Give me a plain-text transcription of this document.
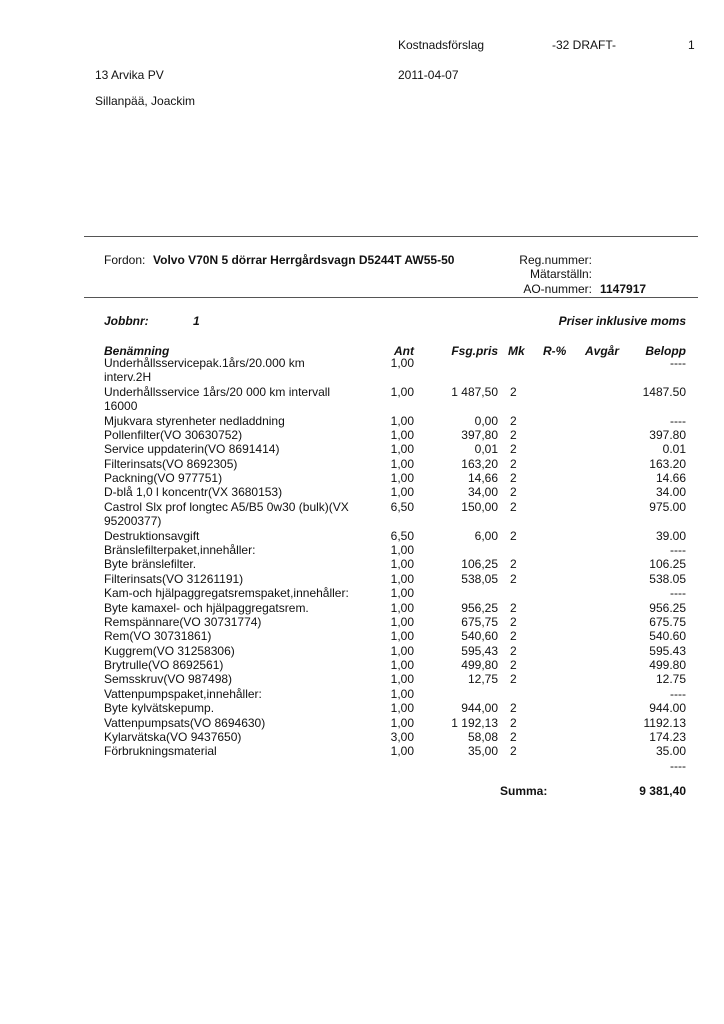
Kostnadsförslag	-32 DRAFT-	1
13 Arvika PV	2011-04-07
Sillanpää, Joackim
Fordon: Volvo V70N 5 dörrar Herrgårdsvagn D5244T AW55-50	Reg.nummer:
Mätarställn:
AO-nummer: 1147917
Jobbnr:	1	Priser inklusive moms
Benämning	Ant	Fsg.pris Mk R-% Avgår	Belopp
Underhållsservicepak.1års/20.000 km	1,00	----
interv.2H
Underhållsservice 1års/20 000 km intervall	1,00	1 487,50 2	1487.50
16000
Mjukvara styrenheter nedladdning	1,00	0,00 2	----
Pollenfilter(VO 30630752)	1,00	397,80 2	397.80
Service uppdaterin(VO 8691414)	1,00	0,01 2	0.01
Filterinsats(VO 8692305)	1,00	163,20 2	163.20
Packning(VO 977751)	1,00	14,66 2	14.66
D-blå 1,0 l koncentr(VX 3680153)	1,00	34,00 2	34.00
Castrol Slx prof longtec A5/B5 0w30 (bulk)(VX	6,50	150,00 2	975.00
95200377)
Destruktionsavgift	6,50	6,00 2	39.00
Bränslefilterpaket,innehåller:	1,00	----
Byte bränslefilter.	1,00	106,25 2	106.25
Filterinsats(VO 31261191)	1,00	538,05 2	538.05
Kam-och hjälpaggregatsremspaket,innehåller:	1,00	----
Byte kamaxel- och hjälpaggregatsrem.	1,00	956,25 2	956.25
Remspännare(VO 30731774)	1,00	675,75 2	675.75
Rem(VO 30731861)	1,00	540,60 2	540.60
Kuggrem(VO 31258306)	1,00	595,43 2	595.43
Brytrulle(VO 8692561)	1,00	499,80 2	499.80
Semsskruv(VO 987498)	1,00	12,75 2	12.75
Vattenpumpspaket,innehåller:	1,00	----
Byte kylvätskepump.	1,00	944,00 2	944.00
Vattenpumpsats(VO 8694630)	1,00	1 192,13 2	1192.13
Kylarvätska(VO 9437650)	3,00	58,08 2	174.23
Förbrukningsmaterial	1,00	35,00 2	35.00
----
Summa:	9 381,40
